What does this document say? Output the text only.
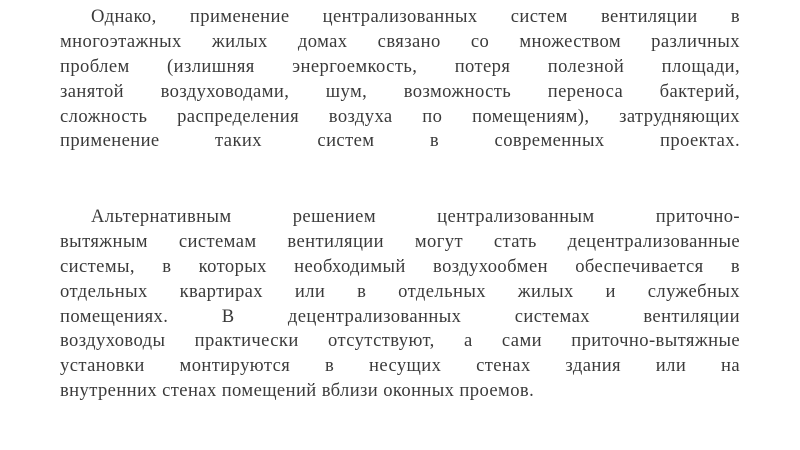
Однако, применение централизованных систем вентиляции в
многоэтажных жилых домах связано со множеством различных
проблем (излишняя энергоемкость, потеря полезной площади,
занятой воздуховодами, шум, возможность переноса бактерий,
сложность распределения воздуха по помещениям), затрудняющих
применение таких систем в современных проектах.
Альтернативным решением централизованным приточно-
вытяжным системам вентиляции могут стать децентрализованные
системы, в которых необходимый воздухообмен обеспечивается в
отдельных квартирах или в отдельных жилых и служебных
помещениях. В децентрализованных системах вентиляции
воздуховоды практически отсутствуют, а сами приточно-вытяжные
установки монтируются в несущих стенах здания или на
внутренних стенах помещений вблизи оконных проемов.
